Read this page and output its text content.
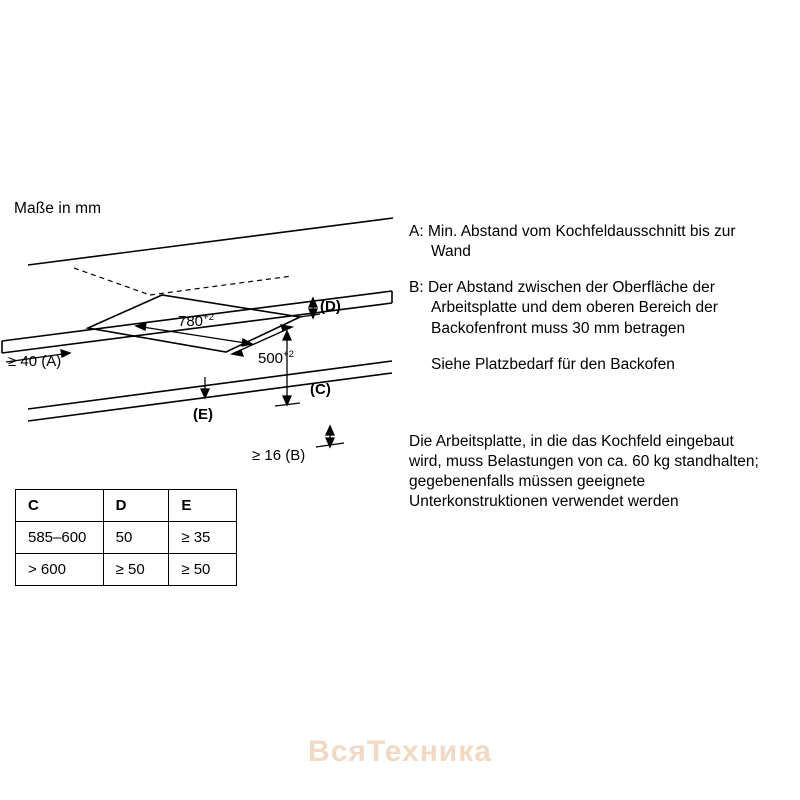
Maße in mm
$780^{+2}$
$500^{+2}$
≥ 40 (A)
(D)
(C)
(E)
≥ 16 (B)
C	D	E
585–600	50	≥ 35
> 600	≥ 50	≥ 50
A: Min. Abstand vom Kochfeldausschnitt bis zur Wand
B: Der Abstand zwischen der Oberfläche der Arbeitsplatte und dem oberen Bereich der Backofenfront muss 30 mm betragen
Siehe Platzbedarf für den Backofen
Die Arbeitsplatte, in die das Kochfeld eingebaut wird, muss Belastungen von ca. 60 kg standhalten; gegebenenfalls müssen geeignete Unterkonstruktionen verwendet werden
ВсяТехника
